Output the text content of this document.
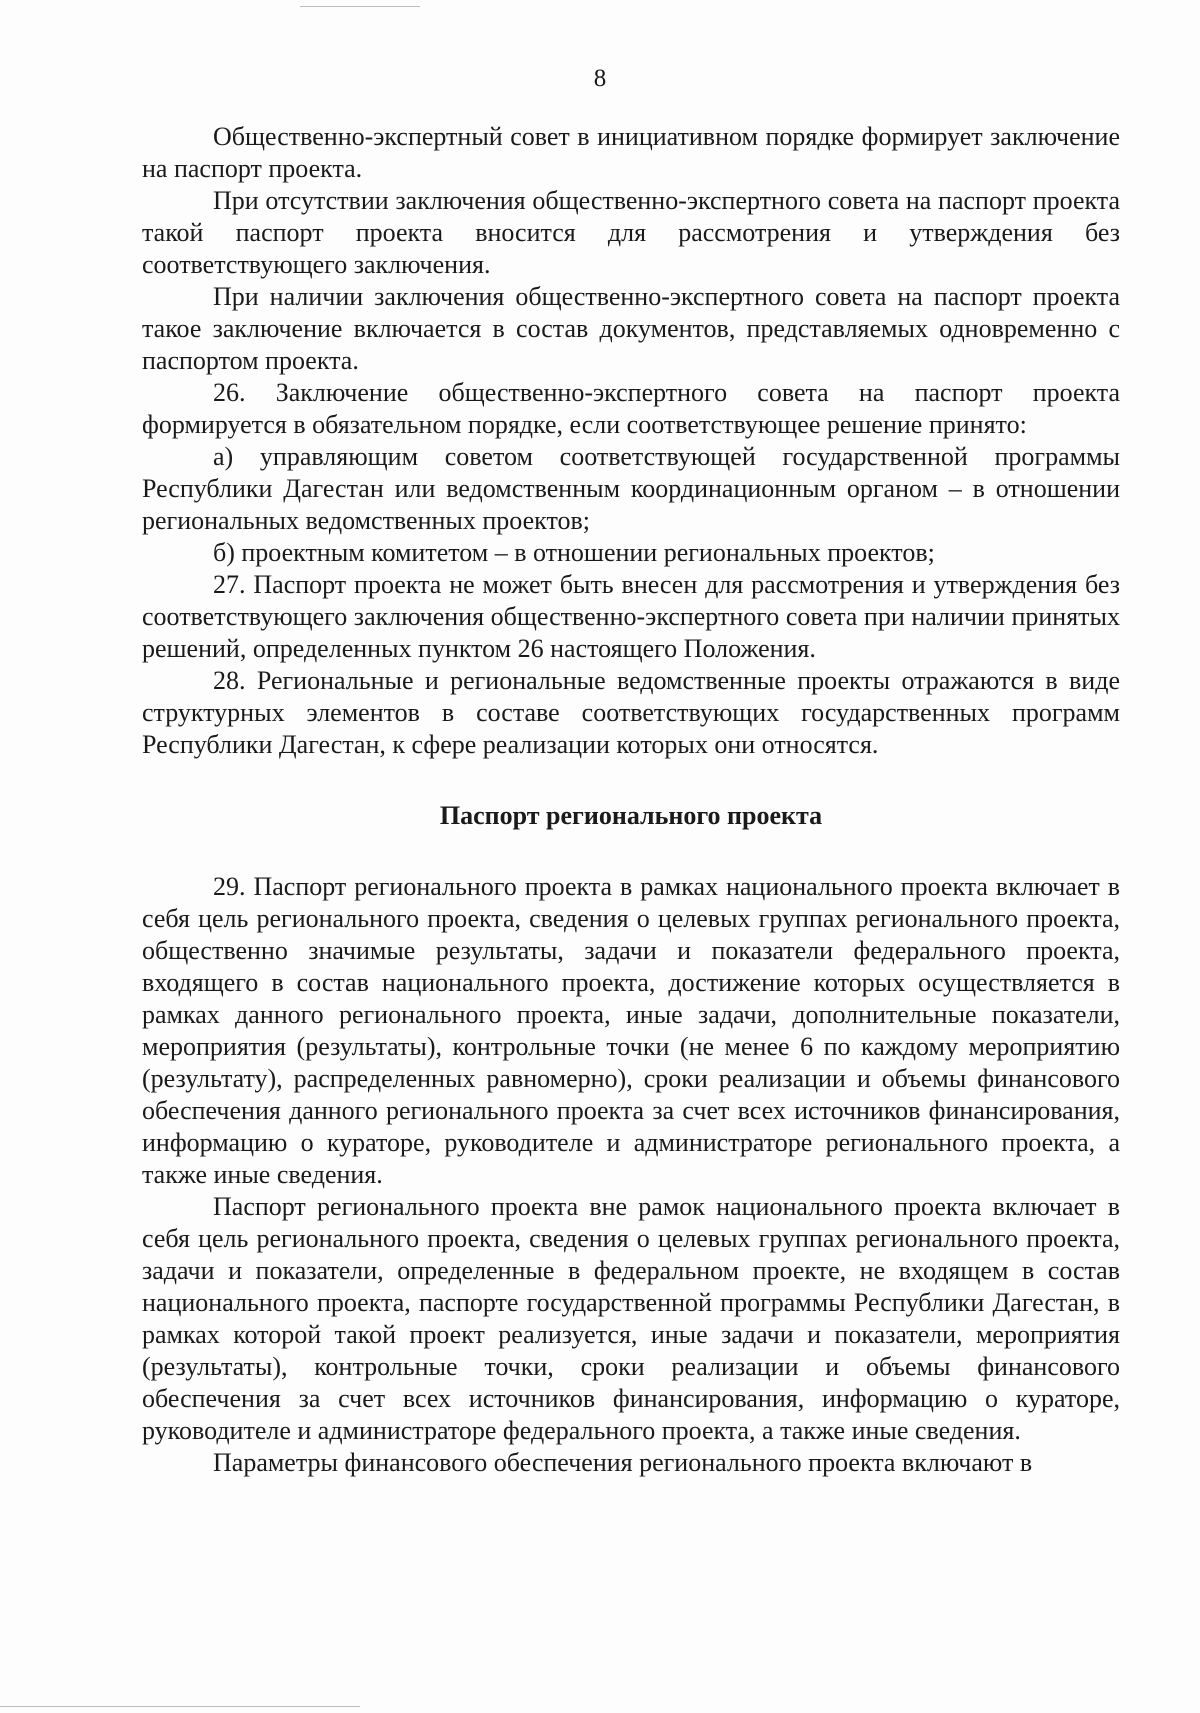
8

Общественно-экспертный совет в инициативном порядке формирует заключение на паспорт проекта.

При отсутствии заключения общественно-экспертного совета на паспорт проекта такой паспорт проекта вносится для рассмотрения и утверждения без соответствующего заключения.

При наличии заключения общественно-экспертного совета на паспорт проекта такое заключение включается в состав документов, представляемых одновременно с паспортом проекта.

26. Заключение общественно-экспертного совета на паспорт проекта формируется в обязательном порядке, если соответствующее решение принято:

а) управляющим советом соответствующей государственной программы Республики Дагестан или ведомственным координационным органом – в отношении региональных ведомственных проектов;

б) проектным комитетом – в отношении региональных проектов;

27. Паспорт проекта не может быть внесен для рассмотрения и утверждения без соответствующего заключения общественно-экспертного совета при наличии принятых решений, определенных пунктом 26 настоящего Положения.

28. Региональные и региональные ведомственные проекты отражаются в виде структурных элементов в составе соответствующих государственных программ Республики Дагестан, к сфере реализации которых они относятся.

Паспорт регионального проекта

29. Паспорт регионального проекта в рамках национального проекта включает в себя цель регионального проекта, сведения о целевых группах регионального проекта, общественно значимые результаты, задачи и показатели федерального проекта, входящего в состав национального проекта, достижение которых осуществляется в рамках данного регионального проекта, иные задачи, дополнительные показатели, мероприятия (результаты), контрольные точки (не менее 6 по каждому мероприятию (результату), распределенных равномерно), сроки реализации и объемы финансового обеспечения данного регионального проекта за счет всех источников финансирования, информацию о кураторе, руководителе и администраторе регионального проекта, а также иные сведения.

Паспорт регионального проекта вне рамок национального проекта включает в себя цель регионального проекта, сведения о целевых группах регионального проекта, задачи и показатели, определенные в федеральном проекте, не входящем в состав национального проекта, паспорте государственной программы Республики Дагестан, в рамках которой такой проект реализуется, иные задачи и показатели, мероприятия (результаты), контрольные точки, сроки реализации и объемы финансового обеспечения за счет всех источников финансирования, информацию о кураторе, руководителе и администраторе федерального проекта, а также иные сведения.

Параметры финансового обеспечения регионального проекта включают в
